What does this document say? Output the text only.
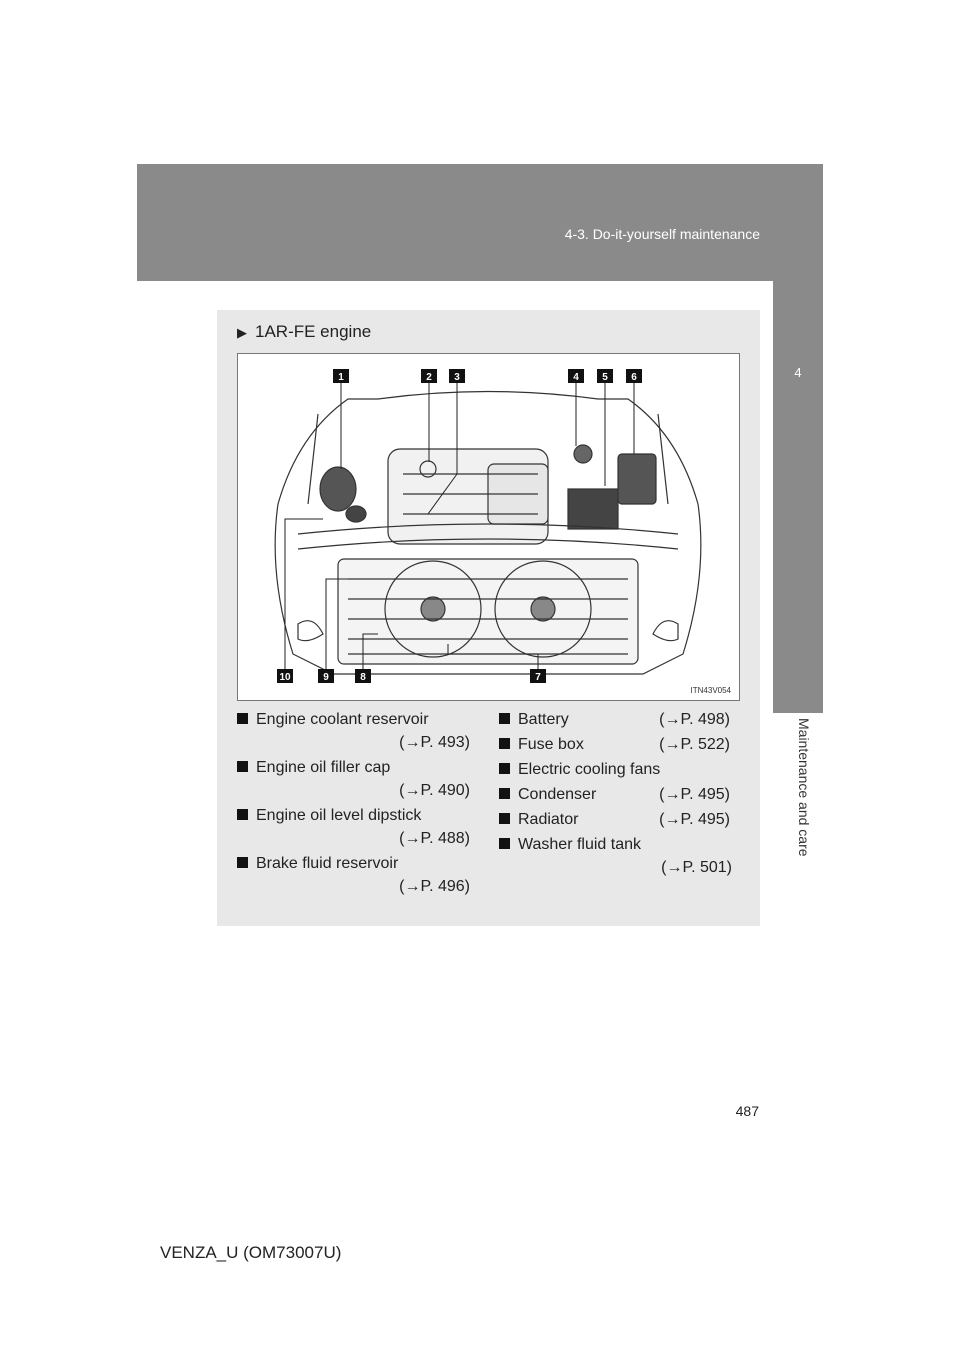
4-3. Do-it-yourself maintenance
4
Maintenance and care
▶ 1AR-FE engine
1	2 3	4 5 6
7
8
9
10
ITN43V054
Engine coolant reservoir
(→P. 493)
Engine oil filler cap
(→P. 490)
Engine oil level dipstick
(→P. 488)
Brake fluid reservoir
(→P. 496)
Battery	(→P. 498)
Fuse box	(→P. 522)
Electric cooling fans
Condenser	(→P. 495)
Radiator	(→P. 495)
Washer fluid tank
(→P. 501)
487
VENZA_U (OM73007U)
